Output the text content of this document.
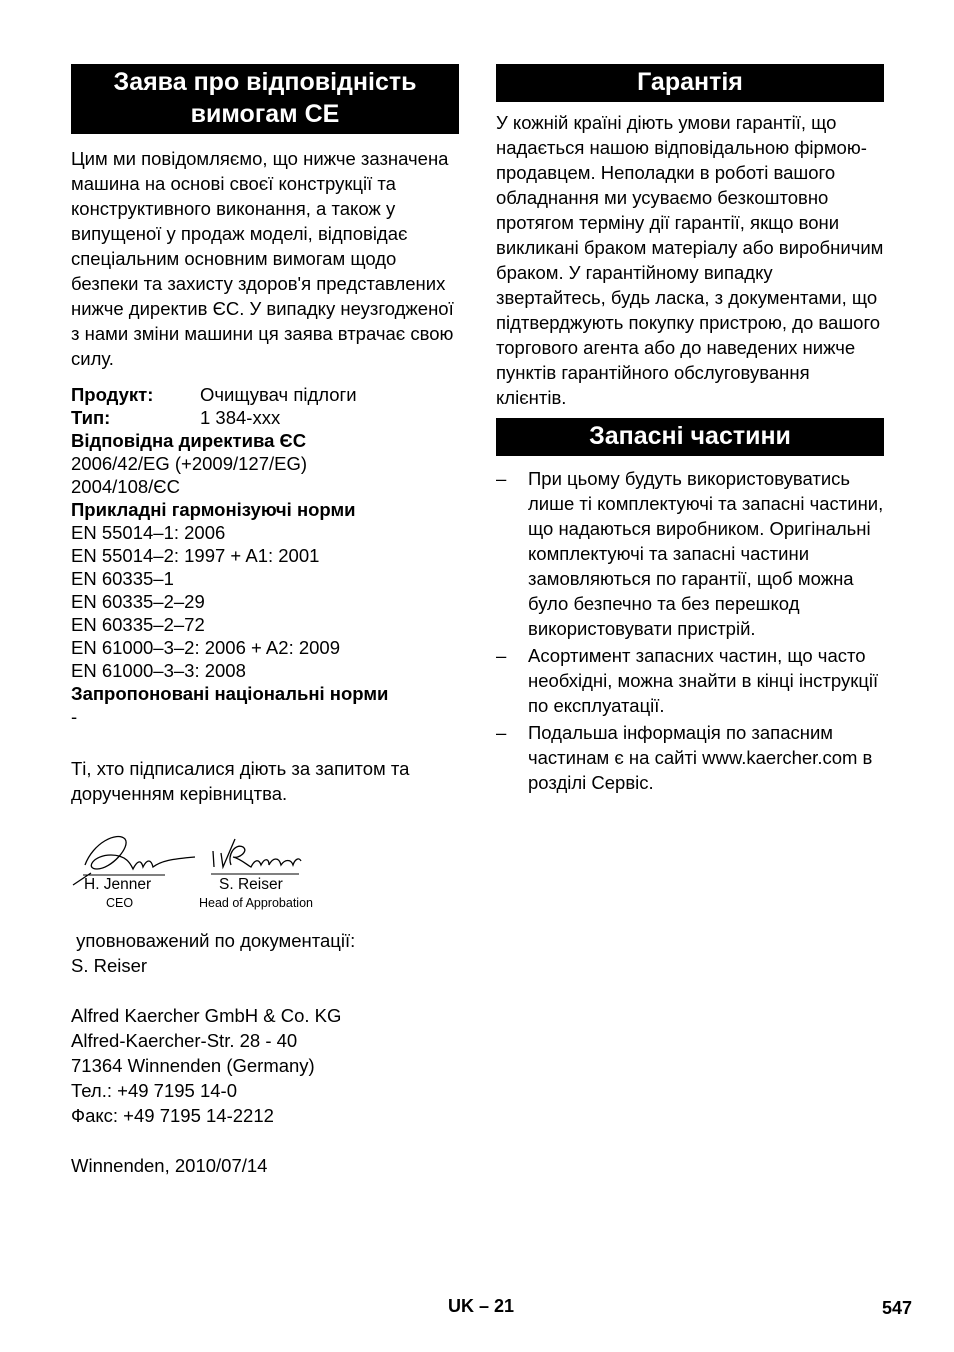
Заява про відповідність
вимогам СЕ

Цим ми повідомляємо, що нижче зазначена машина на основі своєї конструкції та конструктивного виконання, а також у випущеної у продаж моделі, відповідає спеціальним основним вимогам щодо безпеки та захисту здоров'я представлених нижче директив ЄС. У випадку неузгодженої з нами зміни машини ця заява втрачає свою силу.

Продукт:	Очищувач підлоги
Тип:	1 384-xxx
Відповідна директива ЄС
2006/42/EG (+2009/127/EG)
2004/108/ЄС
Прикладні гармонізуючі норми
EN 55014–1: 2006
EN 55014–2: 1997 + A1: 2001
EN 60335–1
EN 60335–2–29
EN 60335–2–72
EN 61000–3–2: 2006 + A2: 2009
EN 61000–3–3: 2008
Запропоновані національні норми
-

Ті, хто підписалися діють за запитом та дорученням керівництва.

H. Jenner
CEO
S. Reiser
Head of Approbation
уповноважений по документації:
S. Reiser
Alfred Kaercher GmbH & Co. KG
Alfred-Kaercher-Str. 28 - 40
71364 Winnenden (Germany)
Тел.: +49 7195 14-0
Факс: +49 7195 14-2212
Winnenden, 2010/07/14
Гарантія

У кожній країні діють умови гарантії, що надається нашою відповідальною фірмою-продавцем. Неполадки в роботі вашого обладнання ми усуваємо безкоштовно протягом терміну дії гарантії, якщо вони викликані браком матеріалу або виробничим браком. У гарантійному випадку звертайтесь, будь ласка, з документами, що підтверджують покупку пристрою, до вашого торгового агента або до наведених нижче пунктів гарантійного обслуговування клієнтів.

Запасні частини
– При цьому будуть використовуватись лише ті комплектуючі та запасні частини, що надаються виробником. Оригінальні комплектуючі та запасні частини замовляються по гарантії, щоб можна було безпечно та без перешкод використовувати пристрій.
– Асортимент запасних частин, що часто необхідні, можна знайти в кінці інструкції по експлуатації.
– Подальша інформація по запасним частинам є на сайті www.kaercher.com в розділі Сервіс.
UK – 21	547
